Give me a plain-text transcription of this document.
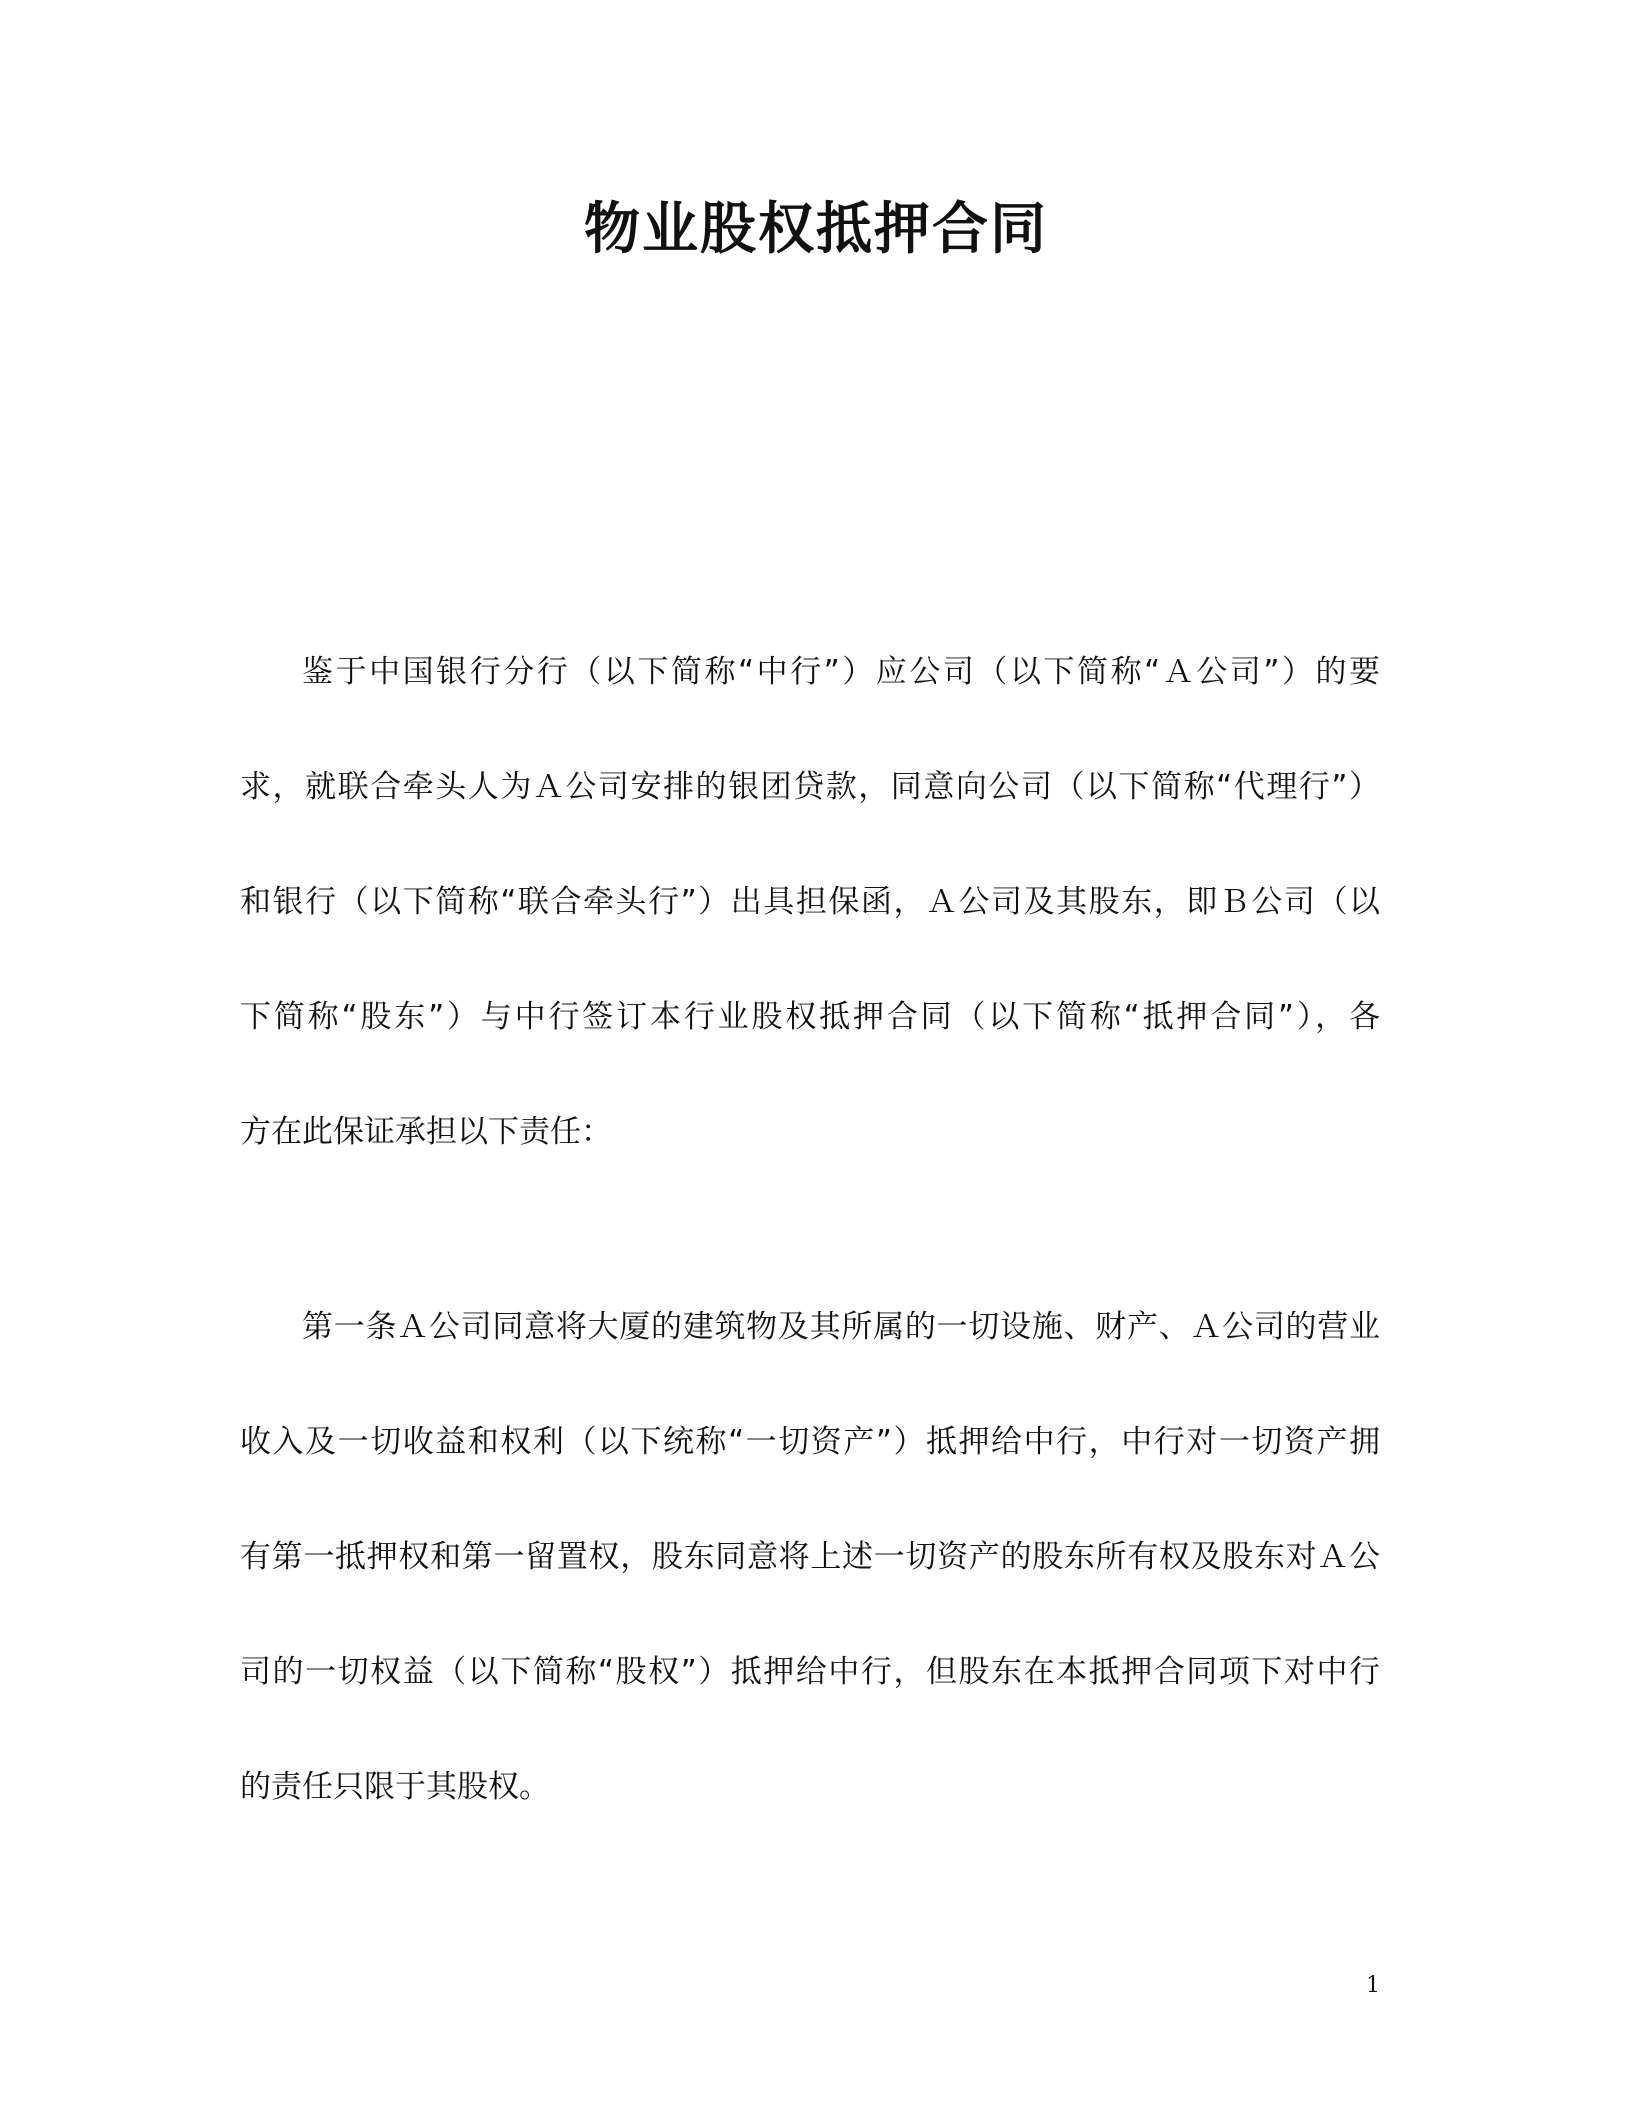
物业股权抵押合同
鉴于中国银行分行（以下简称“中行”）应公司（以下简称“Ａ公司”）的要
求，就联合牵头人为Ａ公司安排的银团贷款，同意向公司（以下简称“代理行”）
和银行（以下简称“联合牵头行”）出具担保函，Ａ公司及其股东，即Ｂ公司（以
下简称“股东”）与中行签订本行业股权抵押合同（以下简称“抵押合同”），各
方在此保证承担以下责任：
第一条Ａ公司同意将大厦的建筑物及其所属的一切设施、财产、Ａ公司的营业
收入及一切收益和权利（以下统称“一切资产”）抵押给中行，中行对一切资产拥
有第一抵押权和第一留置权，股东同意将上述一切资产的股东所有权及股东对Ａ公
司的一切权益（以下简称“股权”）抵押给中行，但股东在本抵押合同项下对中行
的责任只限于其股权。
1
